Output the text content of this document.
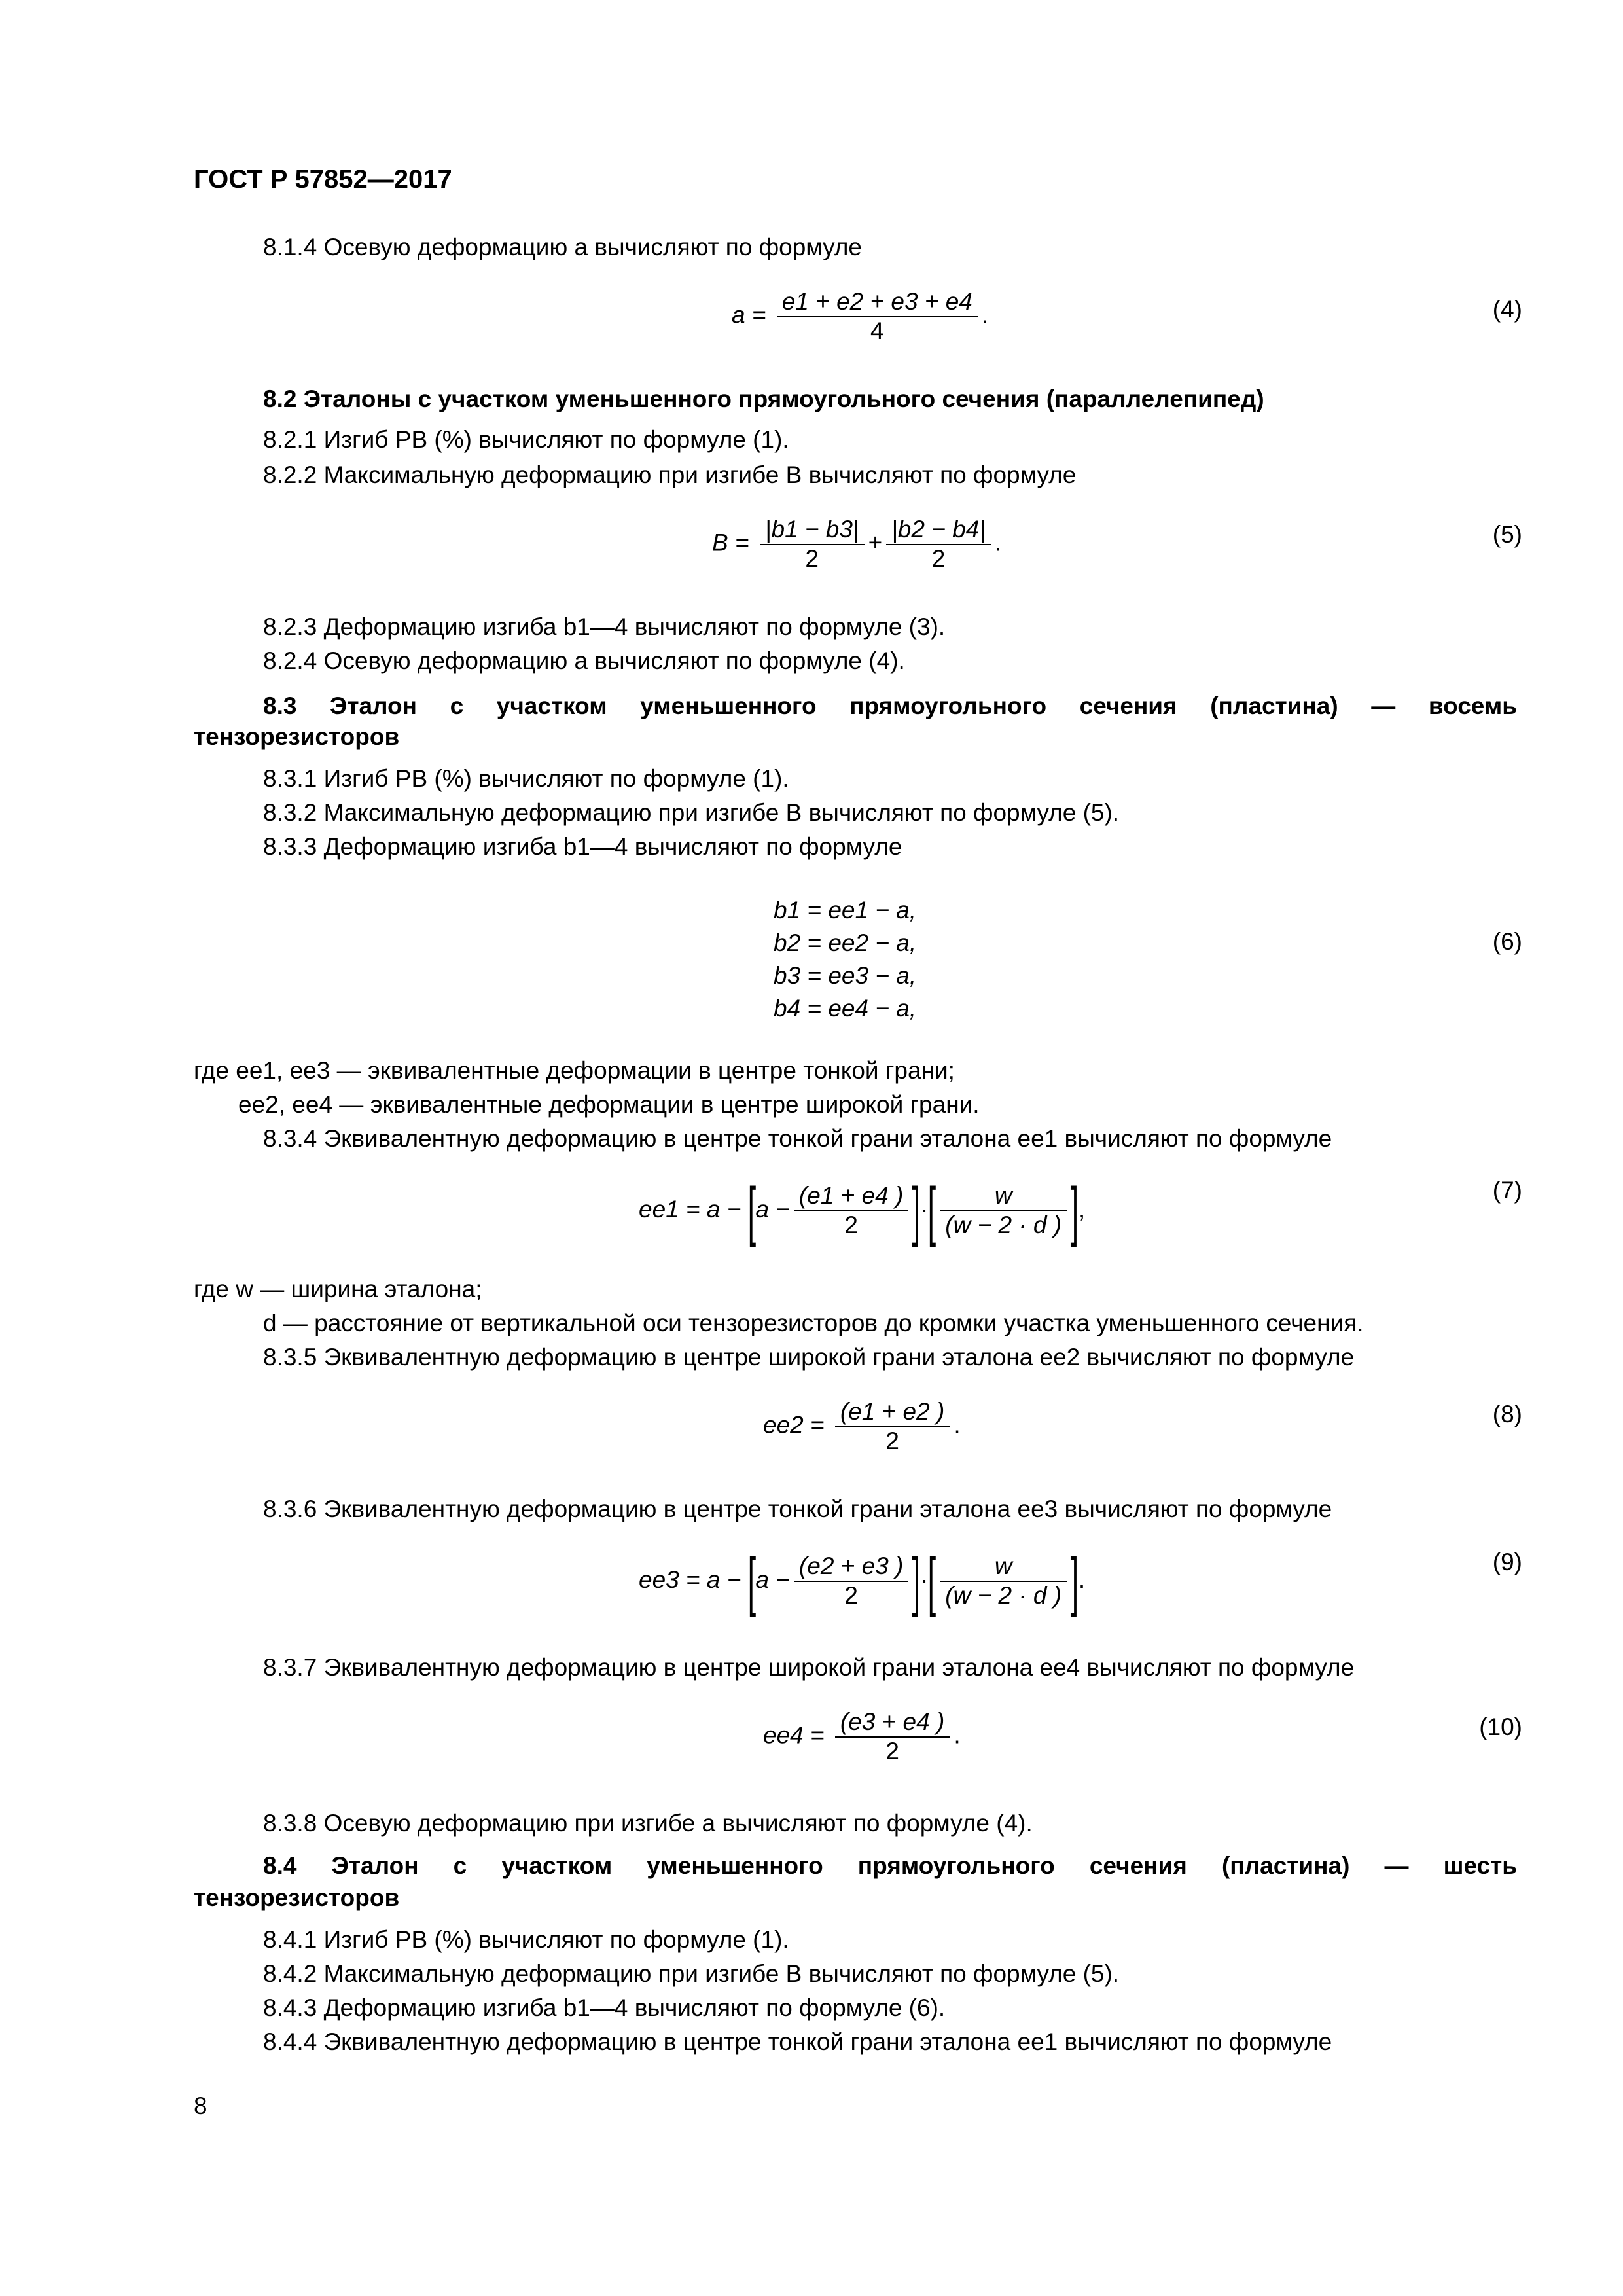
ГОСТ Р 57852—2017
8.1.4 Осевую деформацию a вычисляют по формуле
$a = \frac{e1 + e2 + e3 + e4}{4}$ .	(4)
8.2 Эталоны с участком уменьшенного прямоугольного сечения (параллелепипед)
8.2.1 Изгиб PB (%) вычисляют по формуле (1).
8.2.2 Максимальную деформацию при изгибе B вычисляют по формуле
$B = \frac{|b1 - b3|}{2} + \frac{|b2 - b4|}{2}$ .	(5)
8.2.3 Деформацию изгиба b1—4 вычисляют по формуле (3).
8.2.4 Осевую деформацию a вычисляют по формуле (4).
8.3 Эталон с участком уменьшенного прямоугольного сечения (пластина) — восемь
тензорезисторов
8.3.1 Изгиб PB (%) вычисляют по формуле (1).
8.3.2 Максимальную деформацию при изгибе B вычисляют по формуле (5).
8.3.3 Деформацию изгиба b1—4 вычисляют по формуле
b1 = ee1 − a,
b2 = ee2 − a,
b3 = ee3 − a,
b4 = ee4 − a,
(6)
где ee1, ee3 — эквивалентные деформации в центре тонкой грани;
ee2, ee4 — эквивалентные деформации в центре широкой грани.
8.3.4 Эквивалентную деформацию в центре тонкой грани эталона ee1 вычисляют по формуле
$ee1 = a - [a - \frac{(e1 + e4 )}{2}$ ]·[ $\frac{w}{(w - 2 \cdot d )}$ ],
(7)
где w — ширина эталона;
d — расстояние от вертикальной оси тензорезисторов до кромки участка уменьшенного сечения.
8.3.5 Эквивалентную деформацию в центре широкой грани эталона ee2 вычисляют по формуле
$ee2 = \frac{(e1 + e2 )}{2}$ .	(8)
8.3.6 Эквивалентную деформацию в центре тонкой грани эталона ee3 вычисляют по формуле
$ee3 = a - [a - \frac{(e2 + e3 )}{2}$ ]·[ $\frac{w}{(w - 2 \cdot d )}$ ].
(9)
8.3.7 Эквивалентную деформацию в центре широкой грани эталона ee4 вычисляют по формуле
$ee4 = \frac{(e3 + e4 )}{2}$ .	(10)
8.3.8 Осевую деформацию при изгибе a вычисляют по формуле (4).
8.4 Эталон с участком уменьшенного прямоугольного сечения (пластина) — шесть
тензорезисторов
8.4.1 Изгиб PB (%) вычисляют по формуле (1).
8.4.2 Максимальную деформацию при изгибе B вычисляют по формуле (5).
8.4.3 Деформацию изгиба b1—4 вычисляют по формуле (6).
8.4.4 Эквивалентную деформацию в центре тонкой грани эталона ee1 вычисляют по формуле
8
